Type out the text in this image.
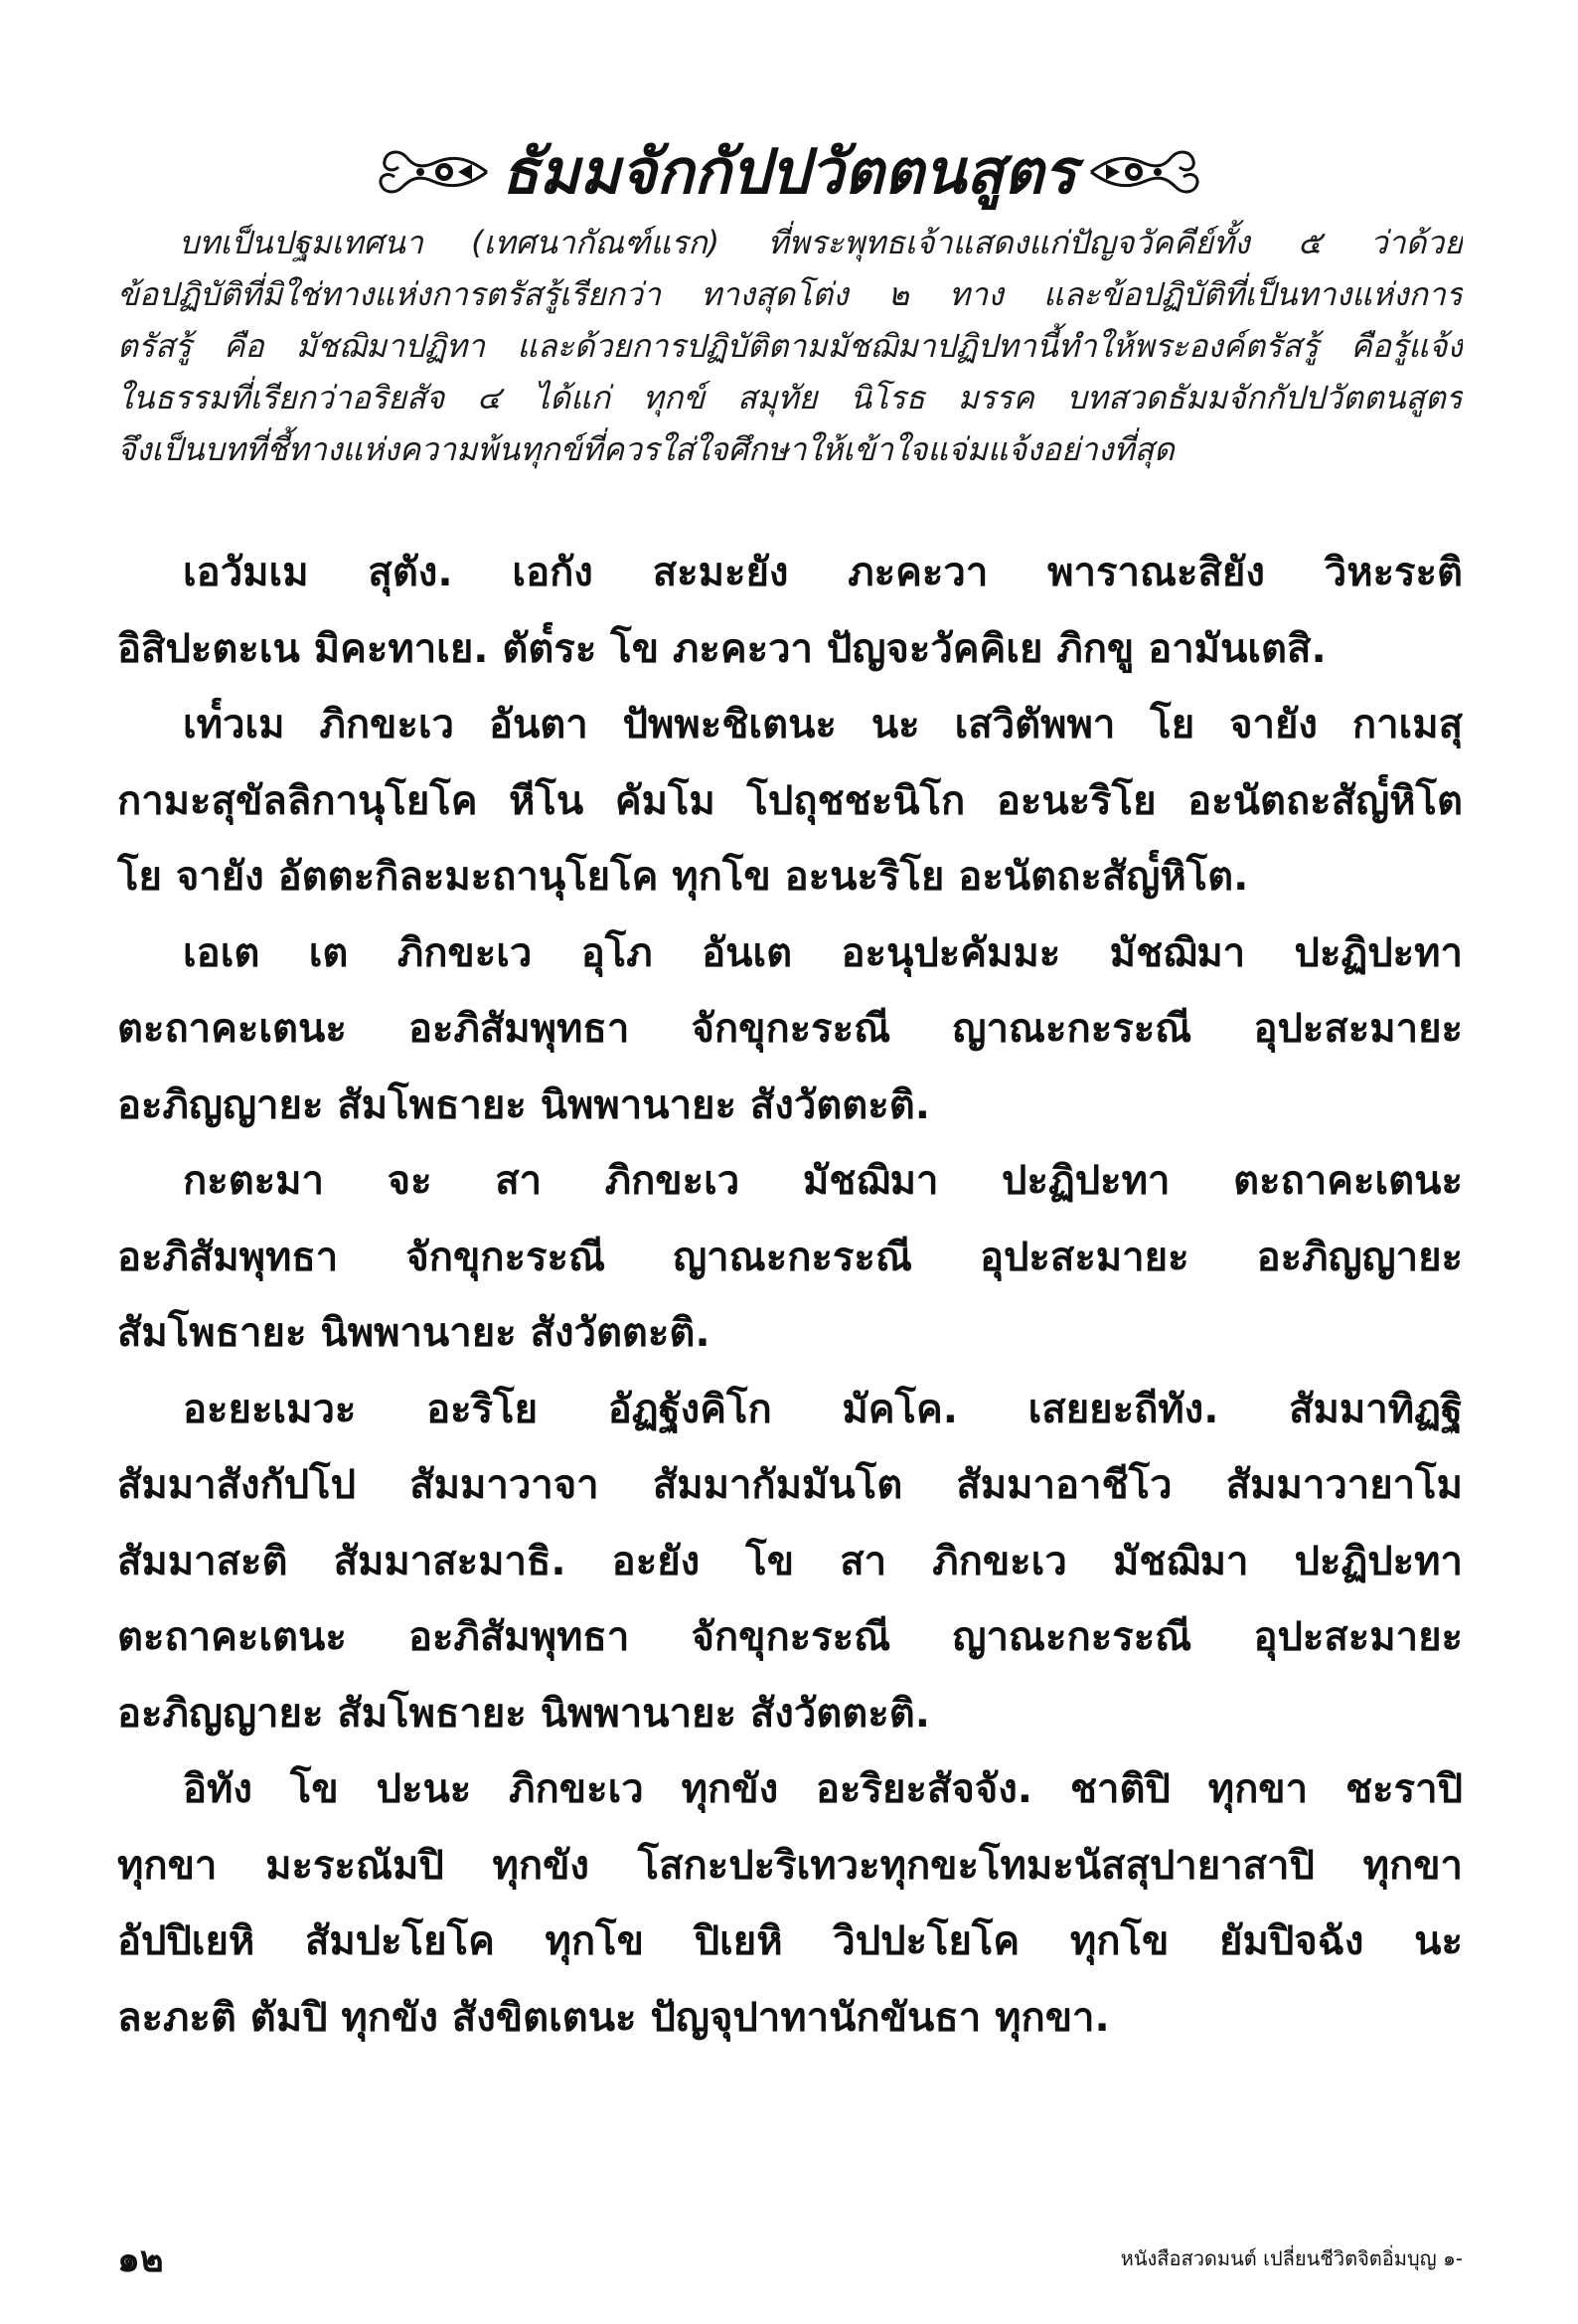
ธัมมจักกัปปวัตตนสูตร
บทเป็นปฐมเทศนา (เทศนากัณฑ์แรก) ที่พระพุทธเจ้าแสดงแก่ปัญจวัคคีย์ทั้ง ๕ ว่าด้วย
ข้อปฏิบัติที่มิใช่ทางแห่งการตรัสรู้เรียกว่า ทางสุดโต่ง ๒ ทาง และข้อปฏิบัติที่เป็นทางแห่งการ
ตรัสรู้ คือ มัชฌิมาปฏิทา และด้วยการปฏิบัติตามมัชฌิมาปฏิปทานี้ทำให้พระองค์ตรัสรู้ คือรู้แจ้ง
ในธรรมที่เรียกว่าอริยสัจ ๔ ได้แก่ ทุกข์ สมุทัย นิโรธ มรรค บทสวดธัมมจักกัปปวัตตนสูตร
จึงเป็นบทที่ชี้ทางแห่งความพ้นทุกข์ที่ควรใส่ใจศึกษาให้เข้าใจแจ่มแจ้งอย่างที่สุด
เอวัมเม สุตัง. เอกัง สะมะยัง ภะคะวา พาราณะสิยัง วิหะระติ
อิสิปะตะเน มิคะทาเย. ตัต๎ระ โข ภะคะวา ปัญจะวัคคิเย ภิกขู อามันเตสิ.
เท๎วเม ภิกขะเว อันตา ปัพพะชิเตนะ นะ เสวิตัพพา โย จายัง กาเมสุ
กามะสุขัลลิกานุโยโค หีโน คัมโม โปถุชชะนิโก อะนะริโย อะนัตถะสัญ๎หิโต
โย จายัง อัตตะกิละมะถานุโยโค ทุกโข อะนะริโย อะนัตถะสัญ๎หิโต.
เอเต เต ภิกขะเว อุโภ อันเต อะนุปะคัมมะ มัชฌิมา ปะฏิปะทา
ตะถาคะเตนะ อะภิสัมพุทธา จักขุกะระณี ญาณะกะระณี อุปะสะมายะ
อะภิญญายะ สัมโพธายะ นิพพานายะ สังวัตตะติ.
กะตะมา จะ สา ภิกขะเว มัชฌิมา ปะฏิปะทา ตะถาคะเตนะ
อะภิสัมพุทธา จักขุกะระณี ญาณะกะระณี อุปะสะมายะ อะภิญญายะ
สัมโพธายะ นิพพานายะ สังวัตตะติ.
อะยะเมวะ อะริโย อัฏฐังคิโก มัคโค. เสยยะถีทัง. สัมมาทิฏฐิ
สัมมาสังกัปโป สัมมาวาจา สัมมากัมมันโต สัมมาอาชีโว สัมมาวายาโม
สัมมาสะติ สัมมาสะมาธิ. อะยัง โข สา ภิกขะเว มัชฌิมา ปะฏิปะทา
ตะถาคะเตนะ อะภิสัมพุทธา จักขุกะระณี ญาณะกะระณี อุปะสะมายะ
อะภิญญายะ สัมโพธายะ นิพพานายะ สังวัตตะติ.
อิทัง โข ปะนะ ภิกขะเว ทุกขัง อะริยะสัจจัง. ชาติปิ ทุกขา ชะราปิ
ทุกขา มะระณัมปิ ทุกขัง โสกะปะริเทวะทุกขะโทมะนัสสุปายาสาปิ ทุกขา
อัปปิเยหิ สัมปะโยโค ทุกโข ปิเยหิ วิปปะโยโค ทุกโข ยัมปิจฉัง นะ
ละภะติ ตัมปิ ทุกขัง สังขิตเตนะ ปัญจุปาทานักขันธา ทุกขา.
๑๒	หนังสือสวดมนต์ เปลี่ยนชีวิตจิตอิ่มบุญ ๑-
